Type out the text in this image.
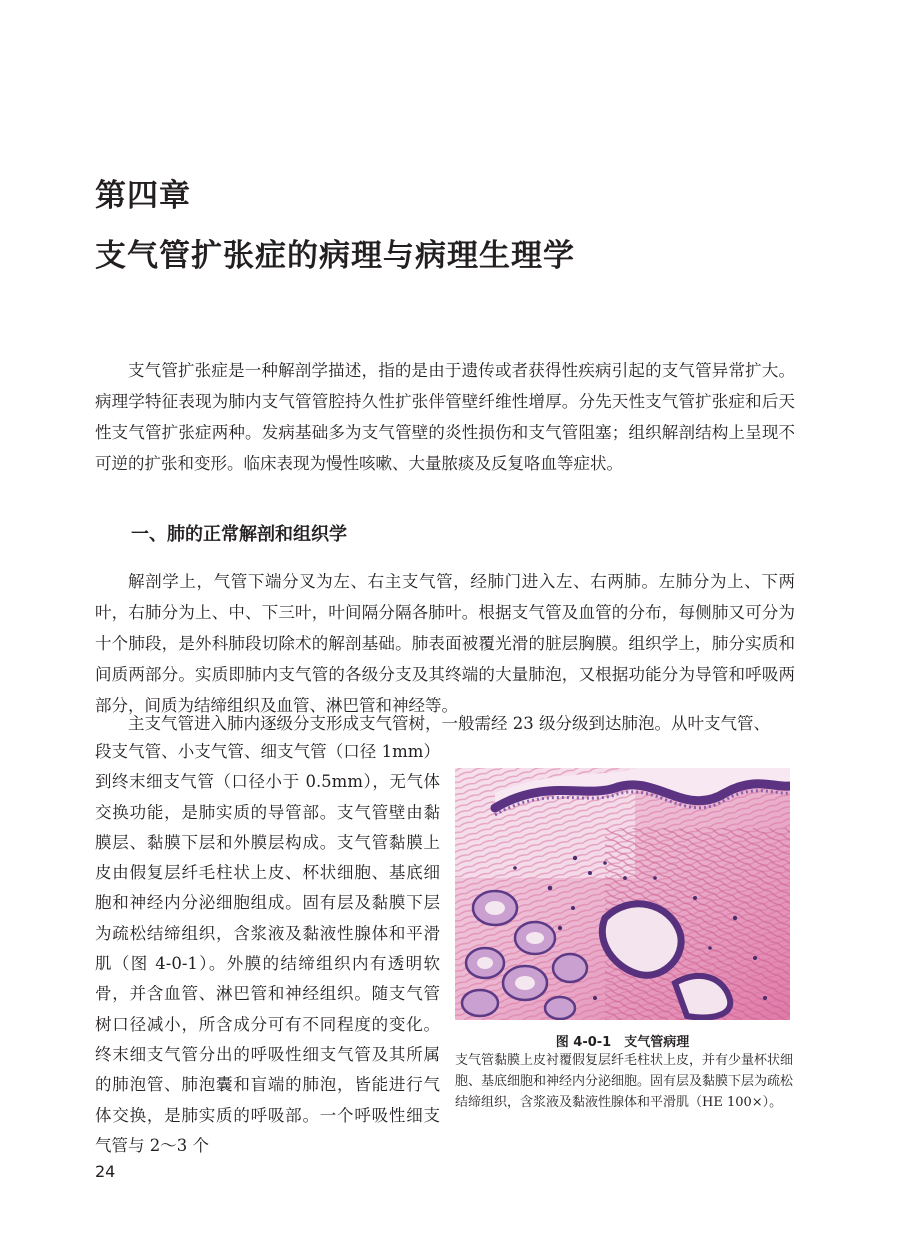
第四章
支气管扩张症的病理与病理生理学

支气管扩张症是一种解剖学描述，指的是由于遗传或者获得性疾病引起的支气管异常扩大。病理学特征表现为肺内支气管管腔持久性扩张伴管壁纤维性增厚。分先天性支气管扩张症和后天性支气管扩张症两种。发病基础多为支气管壁的炎性损伤和支气管阻塞；组织解剖结构上呈现不可逆的扩张和变形。临床表现为慢性咳嗽、大量脓痰及反复咯血等症状。

一、肺的正常解剖和组织学

解剖学上，气管下端分叉为左、右主支气管，经肺门进入左、右两肺。左肺分为上、下两叶，右肺分为上、中、下三叶，叶间隔分隔各肺叶。根据支气管及血管的分布，每侧肺又可分为十个肺段，是外科肺段切除术的解剖基础。肺表面被覆光滑的脏层胸膜。组织学上，肺分实质和间质两部分。实质即肺内支气管的各级分支及其终端的大量肺泡，又根据功能分为导管和呼吸两部分，间质为结缔组织及血管、淋巴管和神经等。

主支气管进入肺内逐级分支形成支气管树，一般需经 23 级分级到达肺泡。从叶支气管、

段支气管、小支气管、细支气管（口径 1mm）到终末细支气管（口径小于 0.5mm），无气体交换功能，是肺实质的导管部。支气管壁由黏膜层、黏膜下层和外膜层构成。支气管黏膜上皮由假复层纤毛柱状上皮、杯状细胞、基底细胞和神经内分泌细胞组成。固有层及黏膜下层为疏松结缔组织，含浆液及黏液性腺体和平滑肌（图 4-0-1）。外膜的结缔组织内有透明软骨，并含血管、淋巴管和神经组织。随支气管树口径减小，所含成分可有不同程度的变化。终末细支气管分出的呼吸性细支气管及其所属的肺泡管、肺泡囊和盲端的肺泡，皆能进行气体交换，是肺实质的呼吸部。一个呼吸性细支气管与 2～3 个

图 4-0-1　支气管病理

支气管黏膜上皮衬覆假复层纤毛柱状上皮，并有少量杯状细胞、基底细胞和神经内分泌细胞。固有层及黏膜下层为疏松结缔组织，含浆液及黏液性腺体和平滑肌（HE 100×）。

24
